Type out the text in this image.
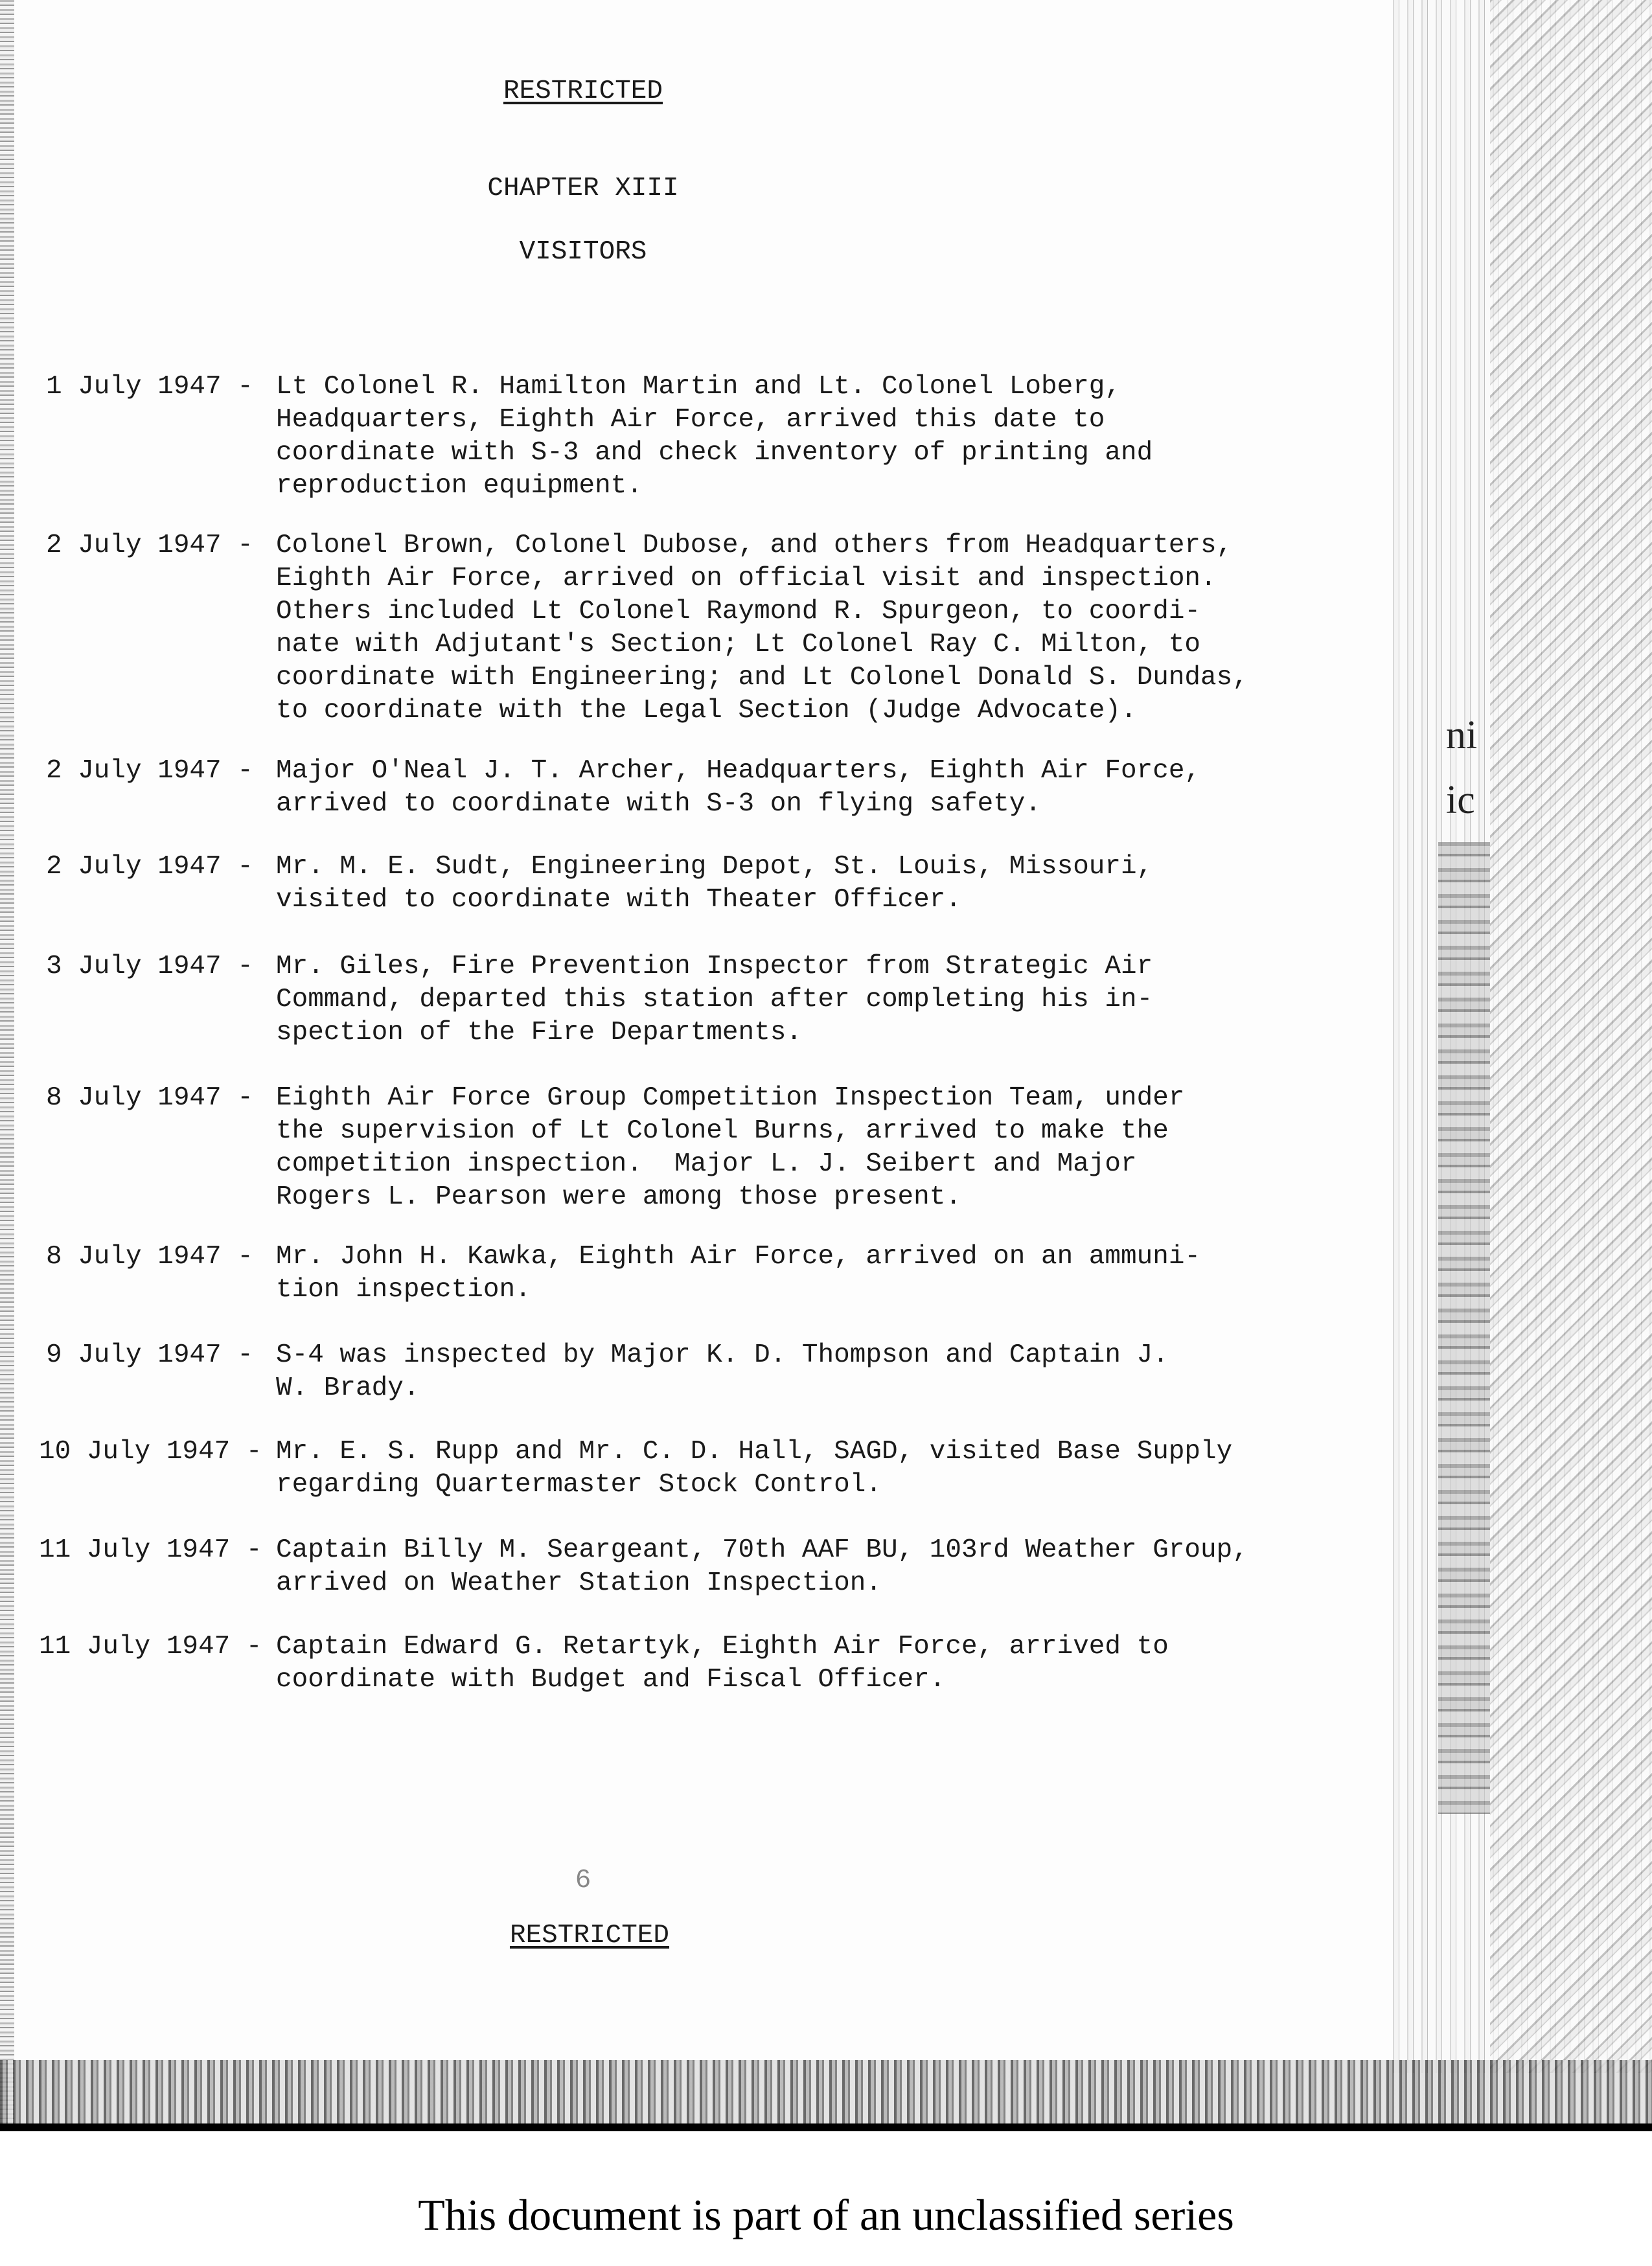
ni
ic
RESTRICTED
CHAPTER XIII
VISITORS
1 July 1947 - Lt Colonel R. Hamilton Martin and Lt. Colonel Loberg,
Headquarters, Eighth Air Force, arrived this date to
coordinate with S-3 and check inventory of printing and
reproduction equipment.
2 July 1947 - Colonel Brown, Colonel Dubose, and others from Headquarters,
Eighth Air Force, arrived on official visit and inspection.
Others included Lt Colonel Raymond R. Spurgeon, to coordi-
nate with Adjutant's Section; Lt Colonel Ray C. Milton, to
coordinate with Engineering; and Lt Colonel Donald S. Dundas,
to coordinate with the Legal Section (Judge Advocate).
2 July 1947 - Major O'Neal J. T. Archer, Headquarters, Eighth Air Force,
arrived to coordinate with S-3 on flying safety.
2 July 1947 - Mr. M. E. Sudt, Engineering Depot, St. Louis, Missouri,
visited to coordinate with Theater Officer.
3 July 1947 - Mr. Giles, Fire Prevention Inspector from Strategic Air
Command, departed this station after completing his in-
spection of the Fire Departments.
8 July 1947 - Eighth Air Force Group Competition Inspection Team, under
the supervision of Lt Colonel Burns, arrived to make the
competition inspection.  Major L. J. Seibert and Major
Rogers L. Pearson were among those present.
8 July 1947 - Mr. John H. Kawka, Eighth Air Force, arrived on an ammuni-
tion inspection.
9 July 1947 - S-4 was inspected by Major K. D. Thompson and Captain J.
W. Brady.
10 July 1947 - Mr. E. S. Rupp and Mr. C. D. Hall, SAGD, visited Base Supply
regarding Quartermaster Stock Control.
11 July 1947 - Captain Billy M. Seargeant, 70th AAF BU, 103rd Weather Group,
arrived on Weather Station Inspection.
11 July 1947 - Captain Edward G. Retartyk, Eighth Air Force, arrived to
coordinate with Budget and Fiscal Officer.
6
RESTRICTED
This document is part of an unclassified series
